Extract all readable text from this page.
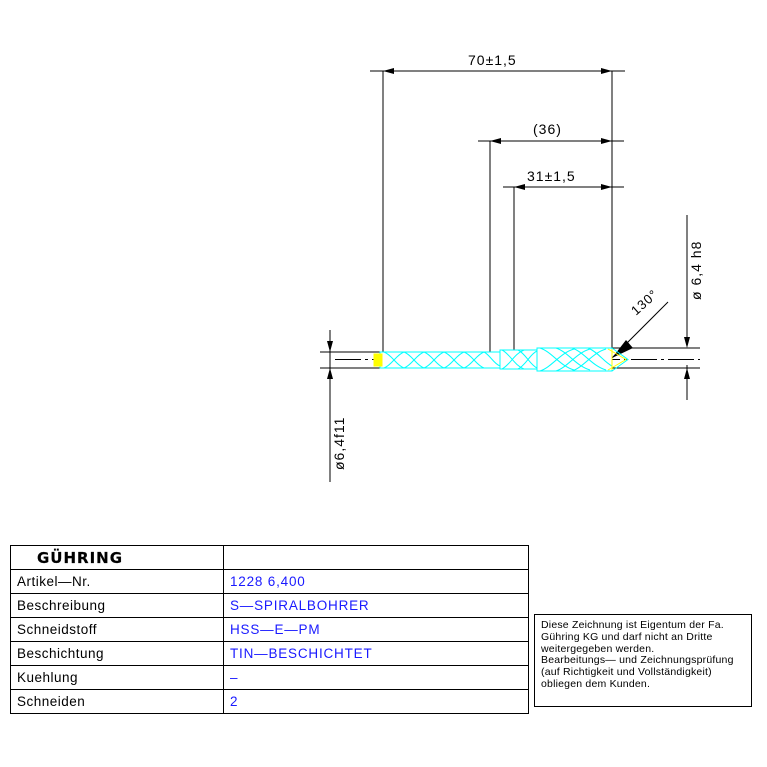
70±1,5
(36)
31±1,5
ø 6,4 h8
ø6,4f11
130°
GÜHRING	
Artikel—Nr.	1228 6,400
Beschreibung	S—SPIRALBOHRER
Schneidstoff	HSS—E—PM
Beschichtung	TIN—BESCHICHTET
Kuehlung	–
Schneiden	2
Diese Zeichnung ist Eigentum der Fa.
Gühring KG und darf nicht an Dritte
weitergegeben werden.
Bearbeitungs— und Zeichnungsprüfung
(auf Richtigkeit und Vollständigkeit)
obliegen dem Kunden.
